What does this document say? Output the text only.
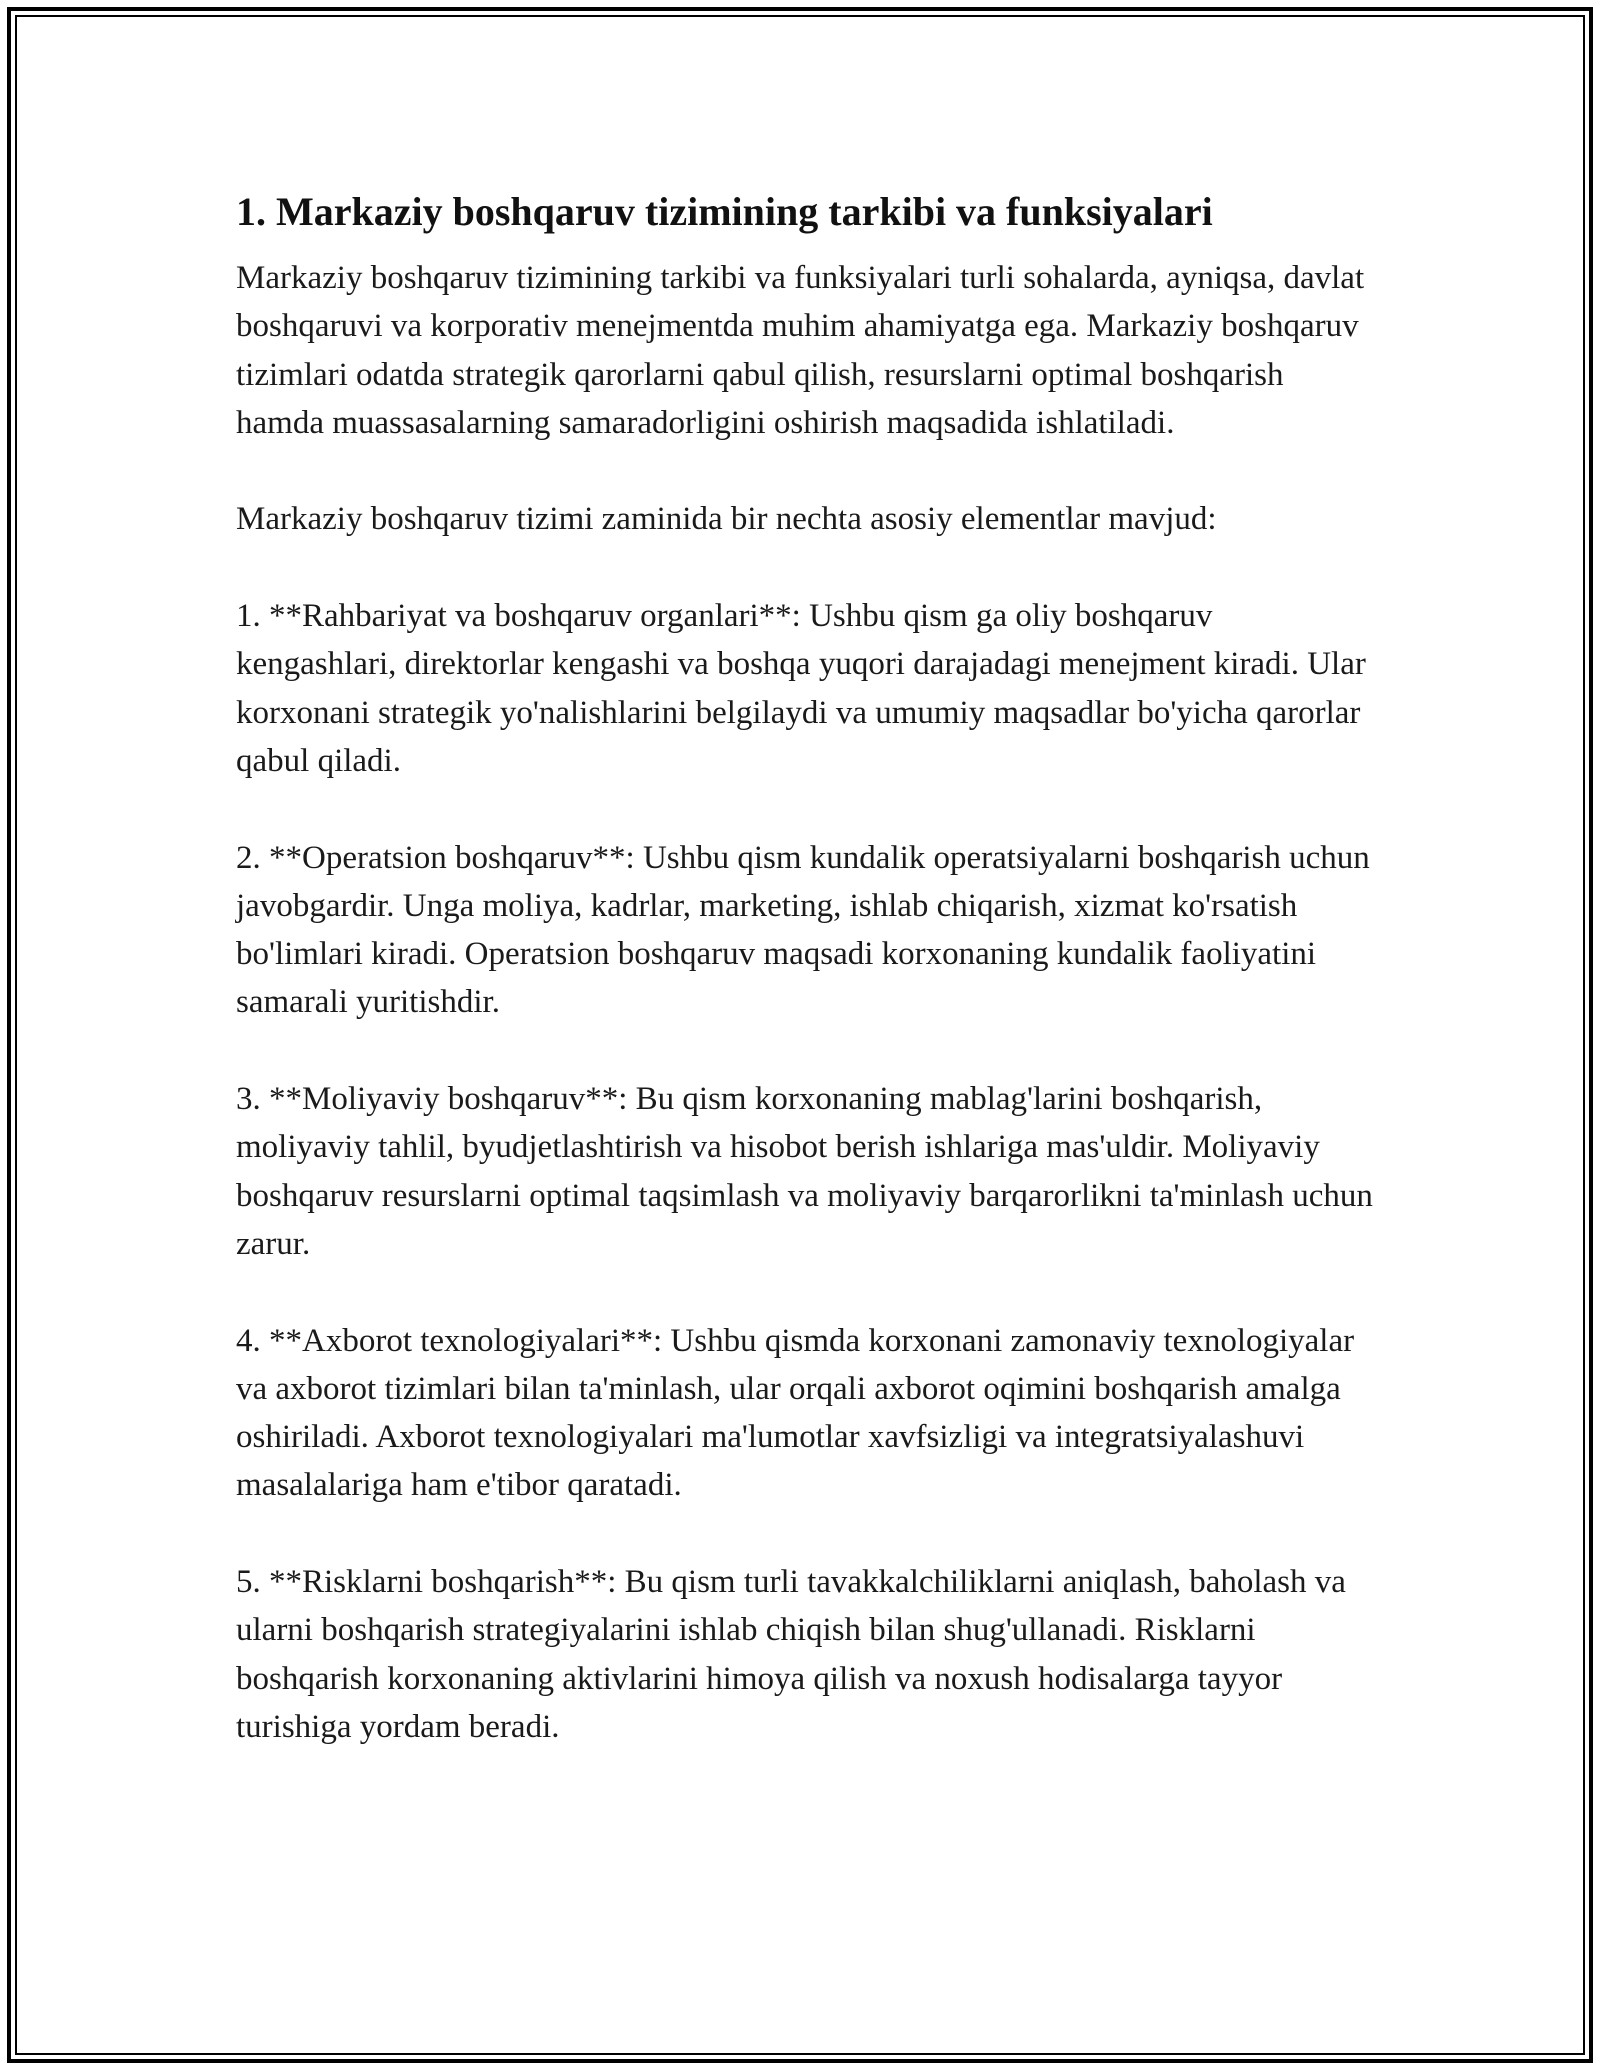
1. Markaziy boshqaruv tizimining tarkibi va funksiyalari

Markaziy boshqaruv tizimining tarkibi va funksiyalari turli sohalarda, ayniqsa, davlat boshqaruvi va korporativ menejmentda muhim ahamiyatga ega. Markaziy boshqaruv tizimlari odatda strategik qarorlarni qabul qilish, resurslarni optimal boshqarish hamda muassasalarning samaradorligini oshirish maqsadida ishlatiladi.

Markaziy boshqaruv tizimi zaminida bir nechta asosiy elementlar mavjud:

1. **Rahbariyat va boshqaruv organlari**: Ushbu qism ga oliy boshqaruv kengashlari, direktorlar kengashi va boshqa yuqori darajadagi menejment kiradi. Ular korxonani strategik yo'nalishlarini belgilaydi va umumiy maqsadlar bo'yicha qarorlar qabul qiladi.

2. **Operatsion boshqaruv**: Ushbu qism kundalik operatsiyalarni boshqarish uchun javobgardir. Unga moliya, kadrlar, marketing, ishlab chiqarish, xizmat ko'rsatish bo'limlari kiradi. Operatsion boshqaruv maqsadi korxonaning kundalik faoliyatini samarali yuritishdir.

3. **Moliyaviy boshqaruv**: Bu qism korxonaning mablag'larini boshqarish, moliyaviy tahlil, byudjetlashtirish va hisobot berish ishlariga mas'uldir. Moliyaviy boshqaruv resurslarni optimal taqsimlash va moliyaviy barqarorlikni ta'minlash uchun zarur.

4. **Axborot texnologiyalari**: Ushbu qismda korxonani zamonaviy texnologiyalar va axborot tizimlari bilan ta'minlash, ular orqali axborot oqimini boshqarish amalga oshiriladi. Axborot texnologiyalari ma'lumotlar xavfsizligi va integratsiyalashuvi masalalariga ham e'tibor qaratadi.

5. **Risklarni boshqarish**: Bu qism turli tavakkalchiliklarni aniqlash, baholash va ularni boshqarish strategiyalarini ishlab chiqish bilan shug'ullanadi. Risklarni boshqarish korxonaning aktivlarini himoya qilish va noxush hodisalarga tayyor turishiga yordam beradi.
